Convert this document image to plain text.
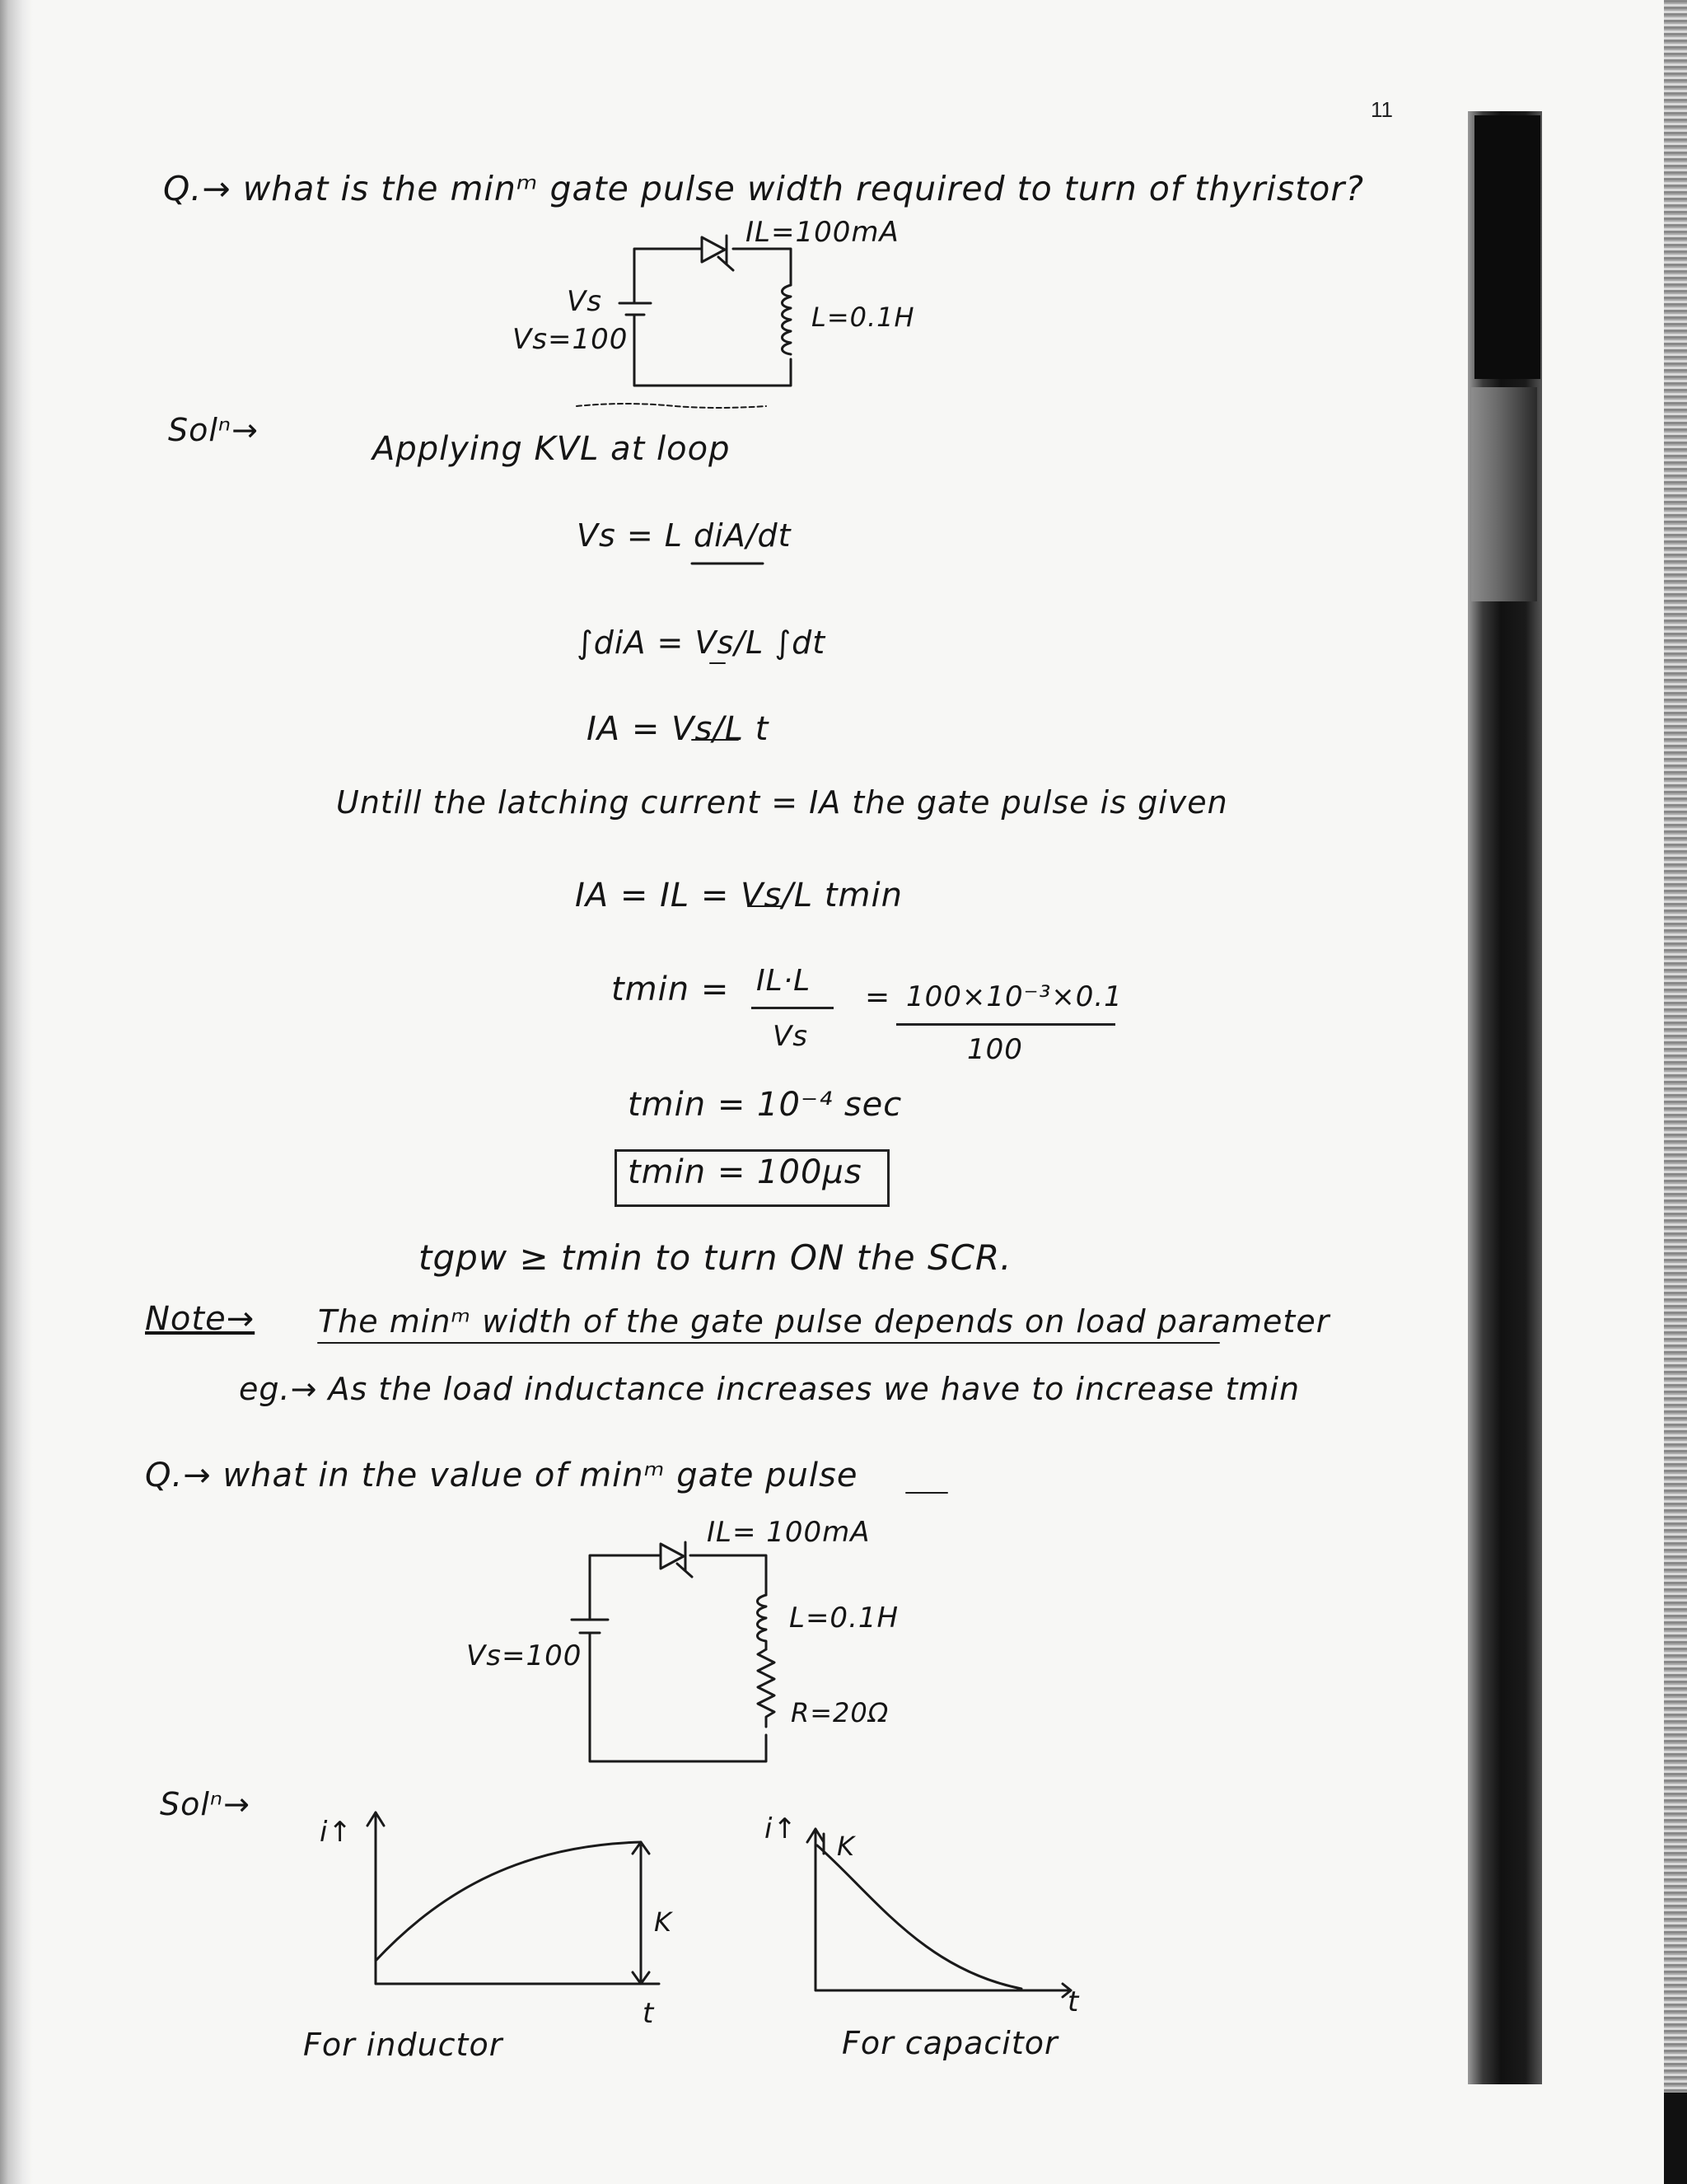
11
Q.→ what is the minᵐ gate pulse width required to turn of thyristor?
IL=100mA
Vs
Vs=100
L=0.1H
Solⁿ→	Applying KVL at loop
Vs = L diA/dt
∫diA = Vs/L ∫dt
IA = Vs/L t
Untill the latching current = IA the gate pulse is given
IA = IL = Vs/L tmin
tmin = IL·L
Vs
= 100×10⁻³×0.1
100
tmin = 10⁻⁴ sec
tmin = 100μs
tgpw ≥ tmin to turn ON the SCR.
Note→ The minᵐ width of the gate pulse depends on load parameter
eg.→ As the load inductance increases we have to increase tmin
Q.→ what in the value of minᵐ gate pulse
IL= 100mA
Vs=100
L=0.1H
R=20Ω
Solⁿ→
i↑
t
K
For inductor
i↑
K
t
For capacitor
